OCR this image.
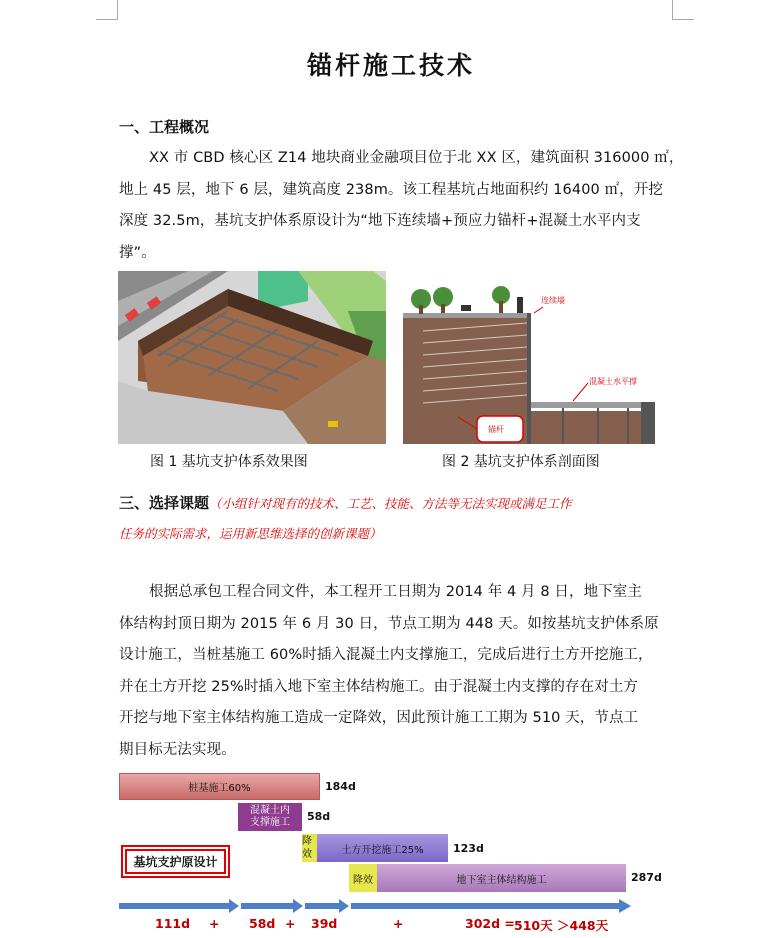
锚杆施工技术
一、工程概况
XX 市 CBD 核心区 Z14 地块商业金融项目位于北 XX 区，建筑面积 316000 ㎡，
地上 45 层，地下 6 层，建筑高度 238m。该工程基坑占地面积约 16400 ㎡，开挖
深度 32.5m，基坑支护体系原设计为“地下连续墙+预应力锚杆+混凝土水平内支
撑”。
连续墙
混凝土水平撑
锚杆
图 1 基坑支护体系效果图	图 2 基坑支护体系剖面图
三、选择课题（小组针对现有的技术、工艺、技能、方法等无法实现或满足工作
任务的实际需求，运用新思维选择的创新课题）
根据总承包工程合同文件，本工程开工日期为 2014 年 4 月 8 日，地下室主
体结构封顶日期为 2015 年 6 月 30 日，节点工期为 448 天。如按基坑支护体系原
设计施工，当桩基施工 60%时插入混凝土内支撑施工，完成后进行土方开挖施工，
并在土方开挖 25%时插入地下室主体结构施工。由于混凝土内支撑的存在对土方
开挖与地下室主体结构施工造成一定降效，因此预计施工工期为 510 天，节点工
期目标无法实现。
桩基施工60%	184d
混凝土内
支撑施工 58d
降效	土方开挖施工25%	123d
降效	地下室主体结构施工	287d
基坑支护原设计
111d + 58d + 39d	+	302d = 510天 ＞448天
